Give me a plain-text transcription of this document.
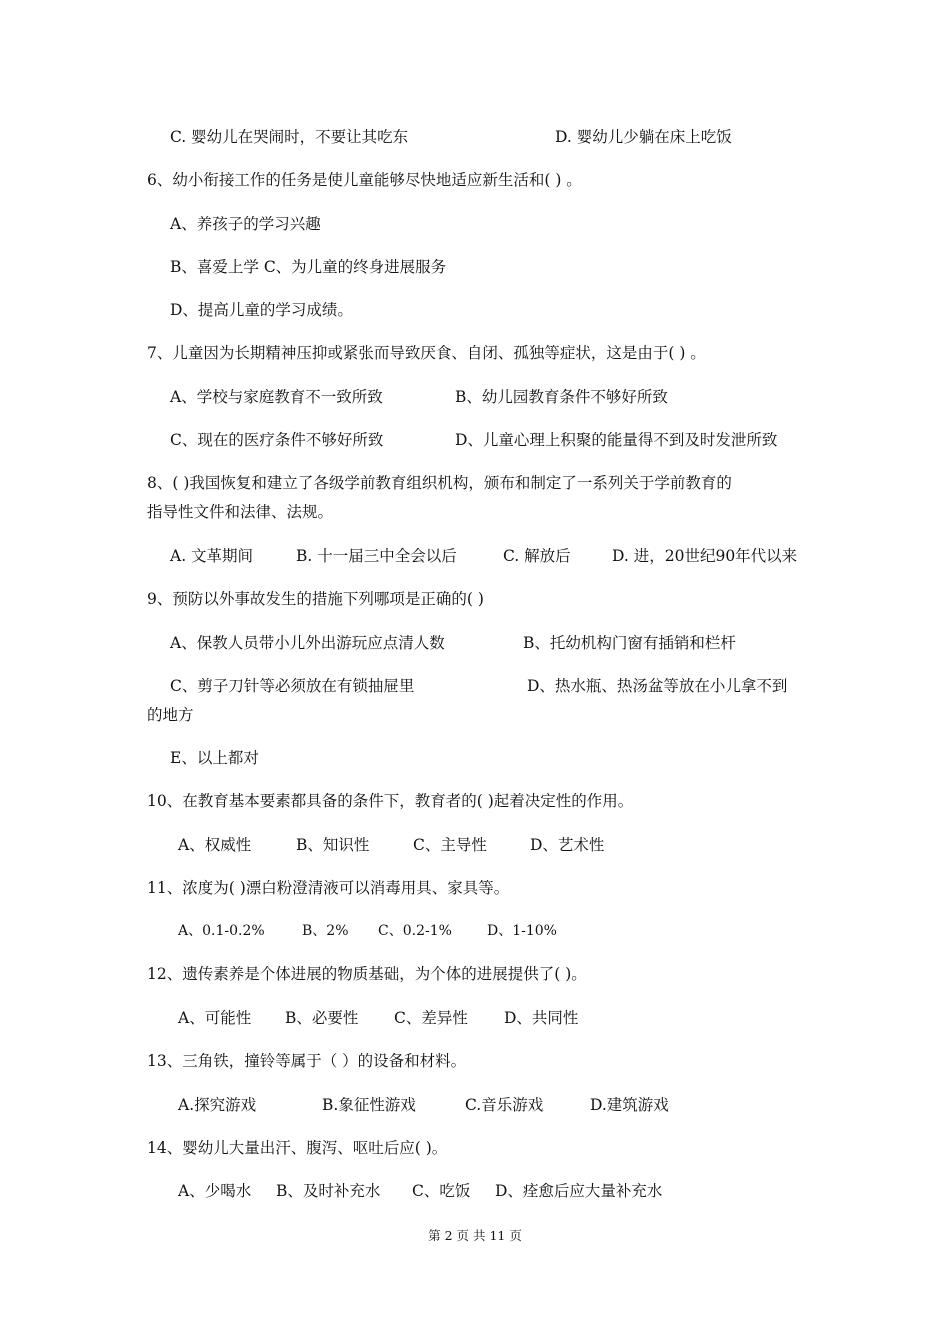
C. 婴幼儿在哭闹时，不要让其吃东	D. 婴幼儿少躺在床上吃饭
6、幼小衔接工作的任务是使儿童能够尽快地适应新生活和( ) 。
A、养孩子的学习兴趣
B、喜爱上学 C、为儿童的终身进展服务
D、提高儿童的学习成绩。
7、儿童因为长期精神压抑或紧张而导致厌食、自闭、孤独等症状，这是由于( ) 。
A、学校与家庭教育不一致所致	B、幼儿园教育条件不够好所致
C、现在的医疗条件不够好所致	D、儿童心理上积聚的能量得不到及时发泄所致
8、( )我国恢复和建立了各级学前教育组织机构，颁布和制定了一系列关于学前教育的
指导性文件和法律、法规。
A. 文革期间	B. 十一届三中全会以后	C. 解放后	D. 进，20世纪90年代以来
9、预防以外事故发生的措施下列哪项是正确的( )
A、保教人员带小儿外出游玩应点清人数	B、托幼机构门窗有插销和栏杆
C、剪子刀针等必须放在有锁抽屉里	D、热水瓶、热汤盆等放在小儿拿不到
的地方
E、以上都对
10、在教育基本要素都具备的条件下，教育者的( )起着决定性的作用。
A、权威性	B、知识性	C、主导性	D、艺术性
11、浓度为( )漂白粉澄清液可以消毒用具、家具等。
A、0.1-0.2%	B、2% C、0.2-1%	D、1-10%
12、遗传素养是个体进展的物质基础，为个体的进展提供了( )。
A、可能性 B、必要性 C、差异性 D、共同性
13、三角铁，撞铃等属于（ ）的设备和材料。
A.探究游戏	B.象征性游戏	C.音乐游戏	D.建筑游戏
14、婴幼儿大量出汗、腹泻、呕吐后应( )。
A、少喝水 B、及时补充水 C、吃饭 D、痊愈后应大量补充水
第 2 页 共 11 页
